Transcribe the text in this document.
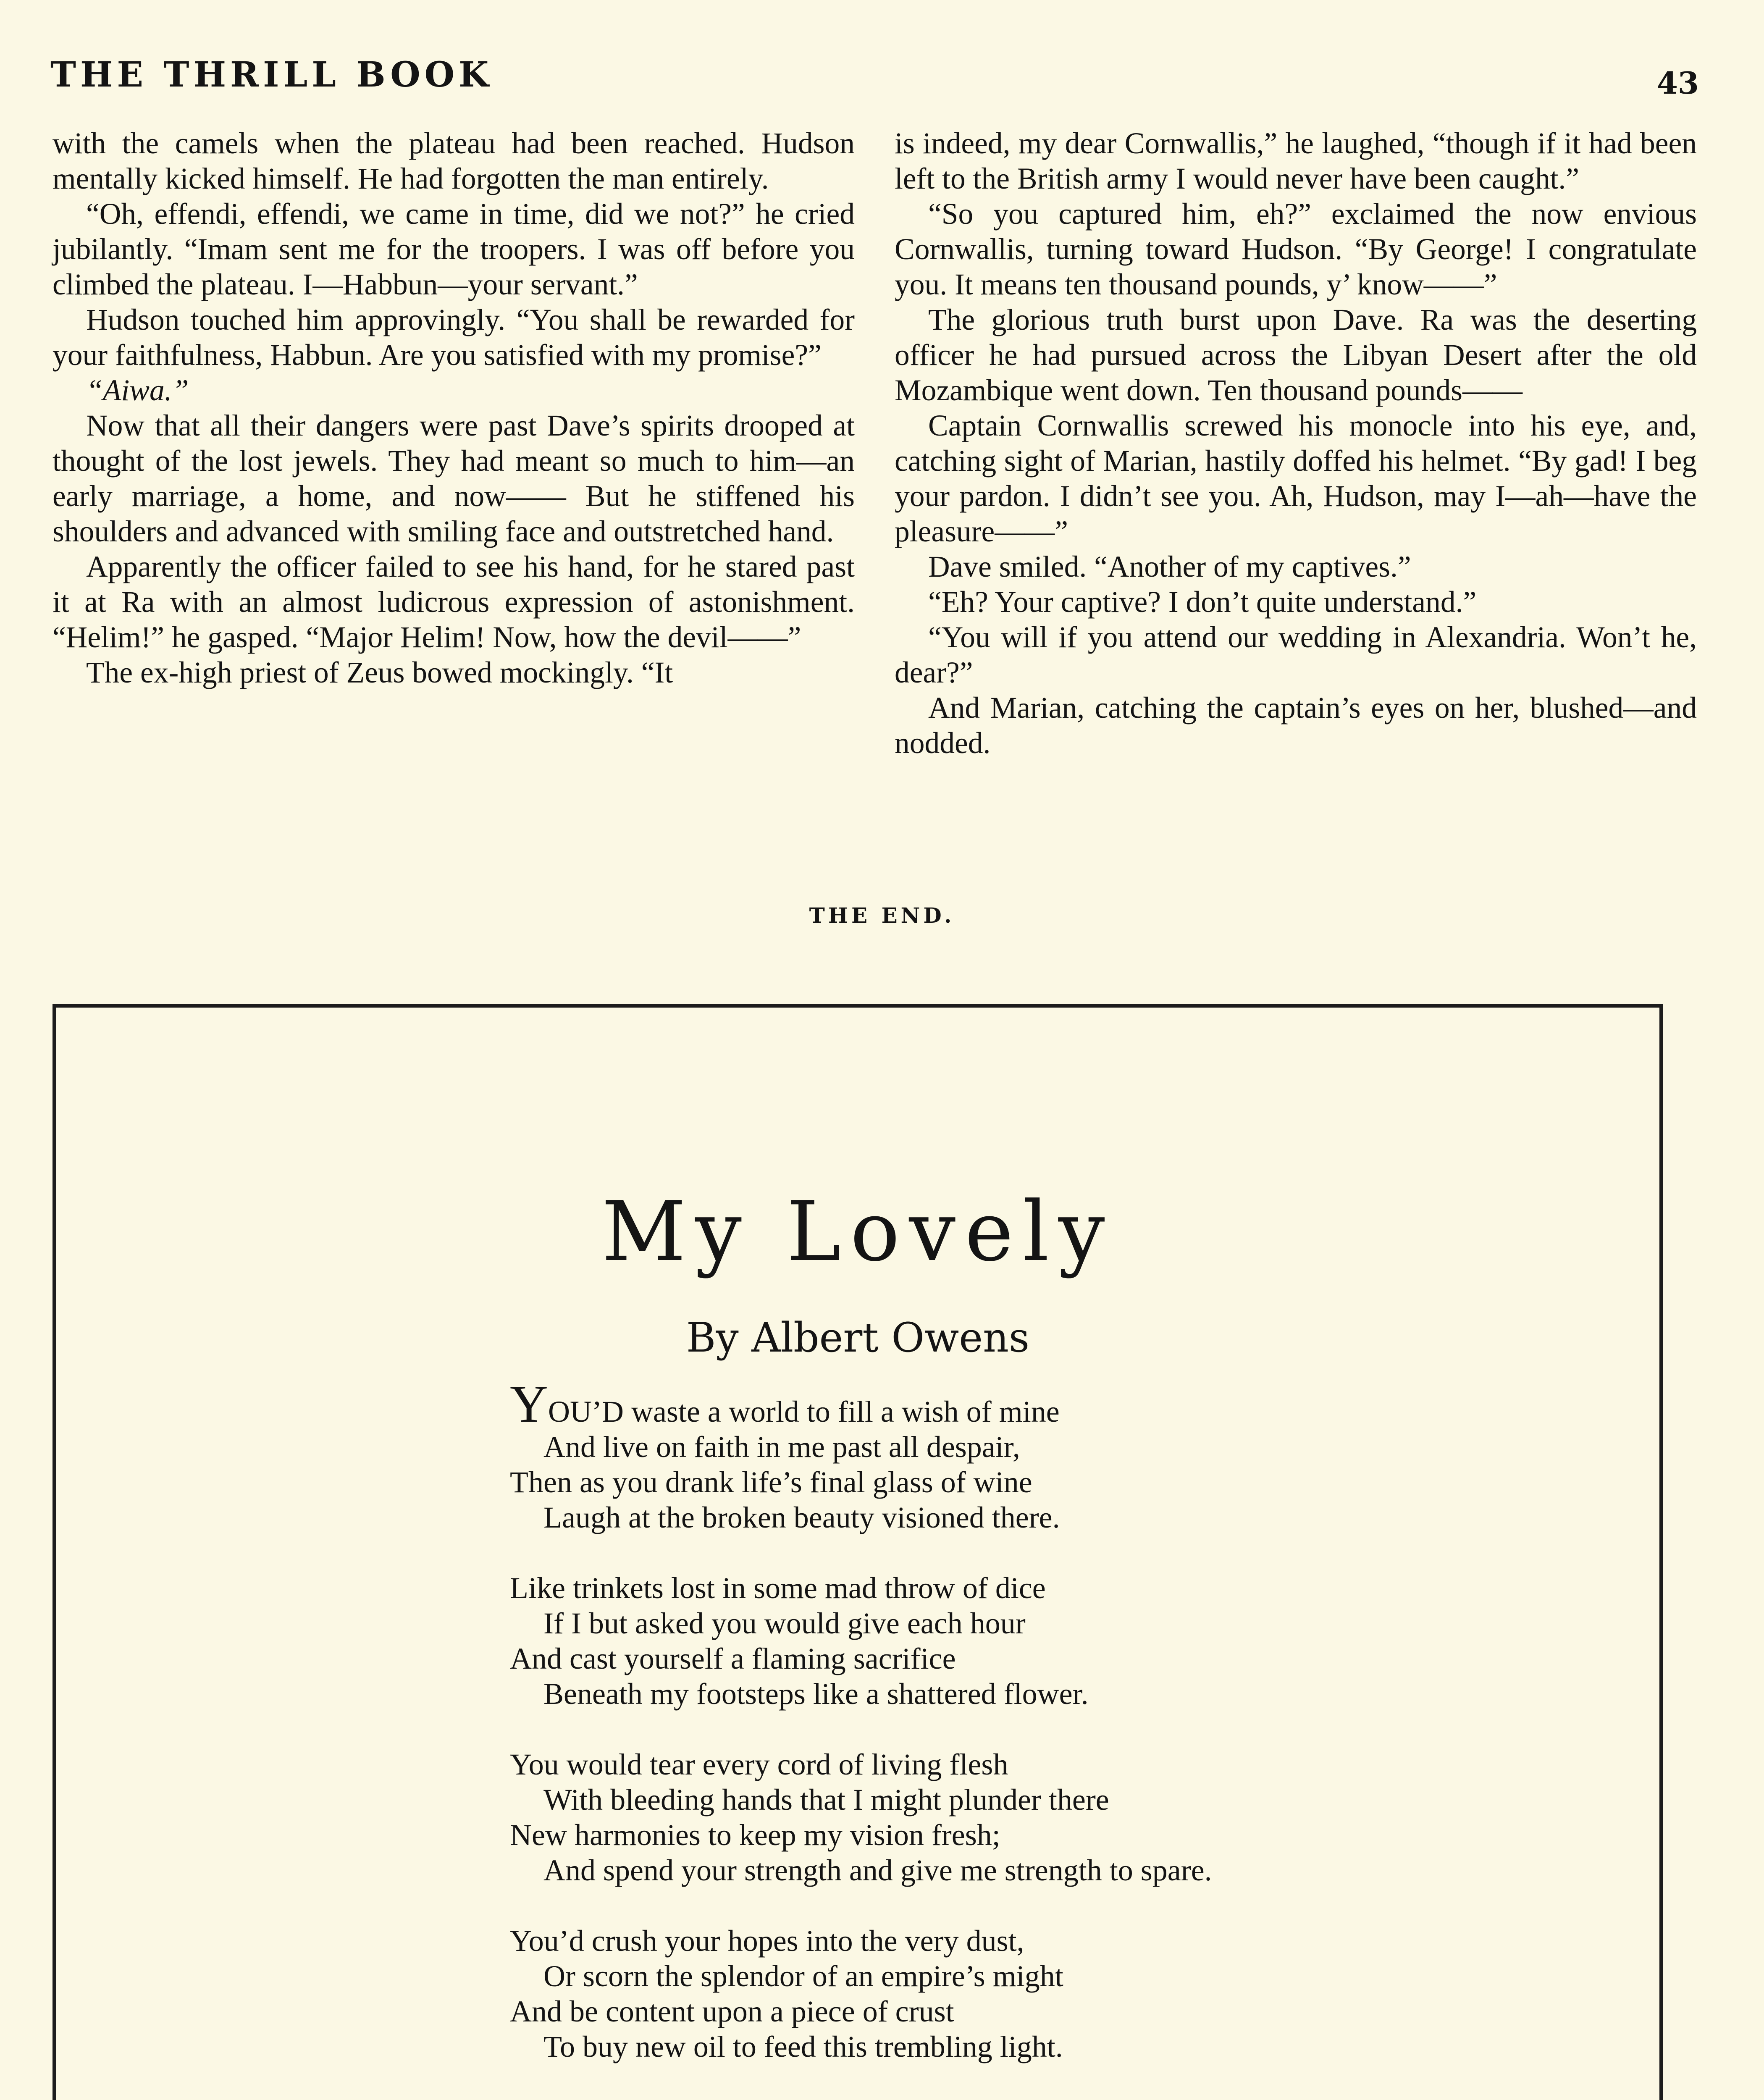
THE THRILL BOOK	43

with the camels when the plateau had been reached. Hudson mentally kicked himself. He had forgotten the man entirely.

“Oh, effendi, effendi, we came in time, did we not?” he cried jubilantly. “Imam sent me for the troopers. I was off before you climbed the plateau. I—Habbun—your servant.”

Hudson touched him approvingly. “You shall be rewarded for your faithfulness, Habbun. Are you satisfied with my promise?”

“Aiwa.”

Now that all their dangers were past Dave’s spirits drooped at thought of the lost jewels. They had meant so much to him—an early marriage, a home, and now—— But he stiffened his shoulders and advanced with smiling face and outstretched hand.

Apparently the officer failed to see his hand, for he stared past it at Ra with an almost ludicrous expression of astonishment. “Helim!” he gasped. “Major Helim! Now, how the devil——”

The ex-high priest of Zeus bowed mockingly. “It

is indeed, my dear Cornwallis,” he laughed, “though if it had been left to the British army I would never have been caught.”

“So you captured him, eh?” exclaimed the now envious Cornwallis, turning toward Hudson. “By George! I congratulate you. It means ten thousand pounds, y’ know——”

The glorious truth burst upon Dave. Ra was the deserting officer he had pursued across the Libyan Desert after the old Mozambique went down. Ten thousand pounds——

Captain Cornwallis screwed his monocle into his eye, and, catching sight of Marian, hastily doffed his helmet. “By gad! I beg your pardon. I didn’t see you. Ah, Hudson, may I—ah—have the pleasure——”

Dave smiled. “Another of my captives.”

“Eh? Your captive? I don’t quite understand.”

“You will if you attend our wedding in Alexandria. Won’t he, dear?”

And Marian, catching the captain’s eyes on her, blushed—and nodded.

THE END.
My Lovely
By Albert Owens
YOU’D waste a world to fill a wish of mine
And live on faith in me past all despair,
Then as you drank life’s final glass of wine
Laugh at the broken beauty visioned there.
Like trinkets lost in some mad throw of dice
If I but asked you would give each hour
And cast yourself a flaming sacrifice
Beneath my footsteps like a shattered flower.
You would tear every cord of living flesh
With bleeding hands that I might plunder there
New harmonies to keep my vision fresh;
And spend your strength and give me strength to spare.
You’d crush your hopes into the very dust,
Or scorn the splendor of an empire’s might
And be content upon a piece of crust
To buy new oil to feed this trembling light.
